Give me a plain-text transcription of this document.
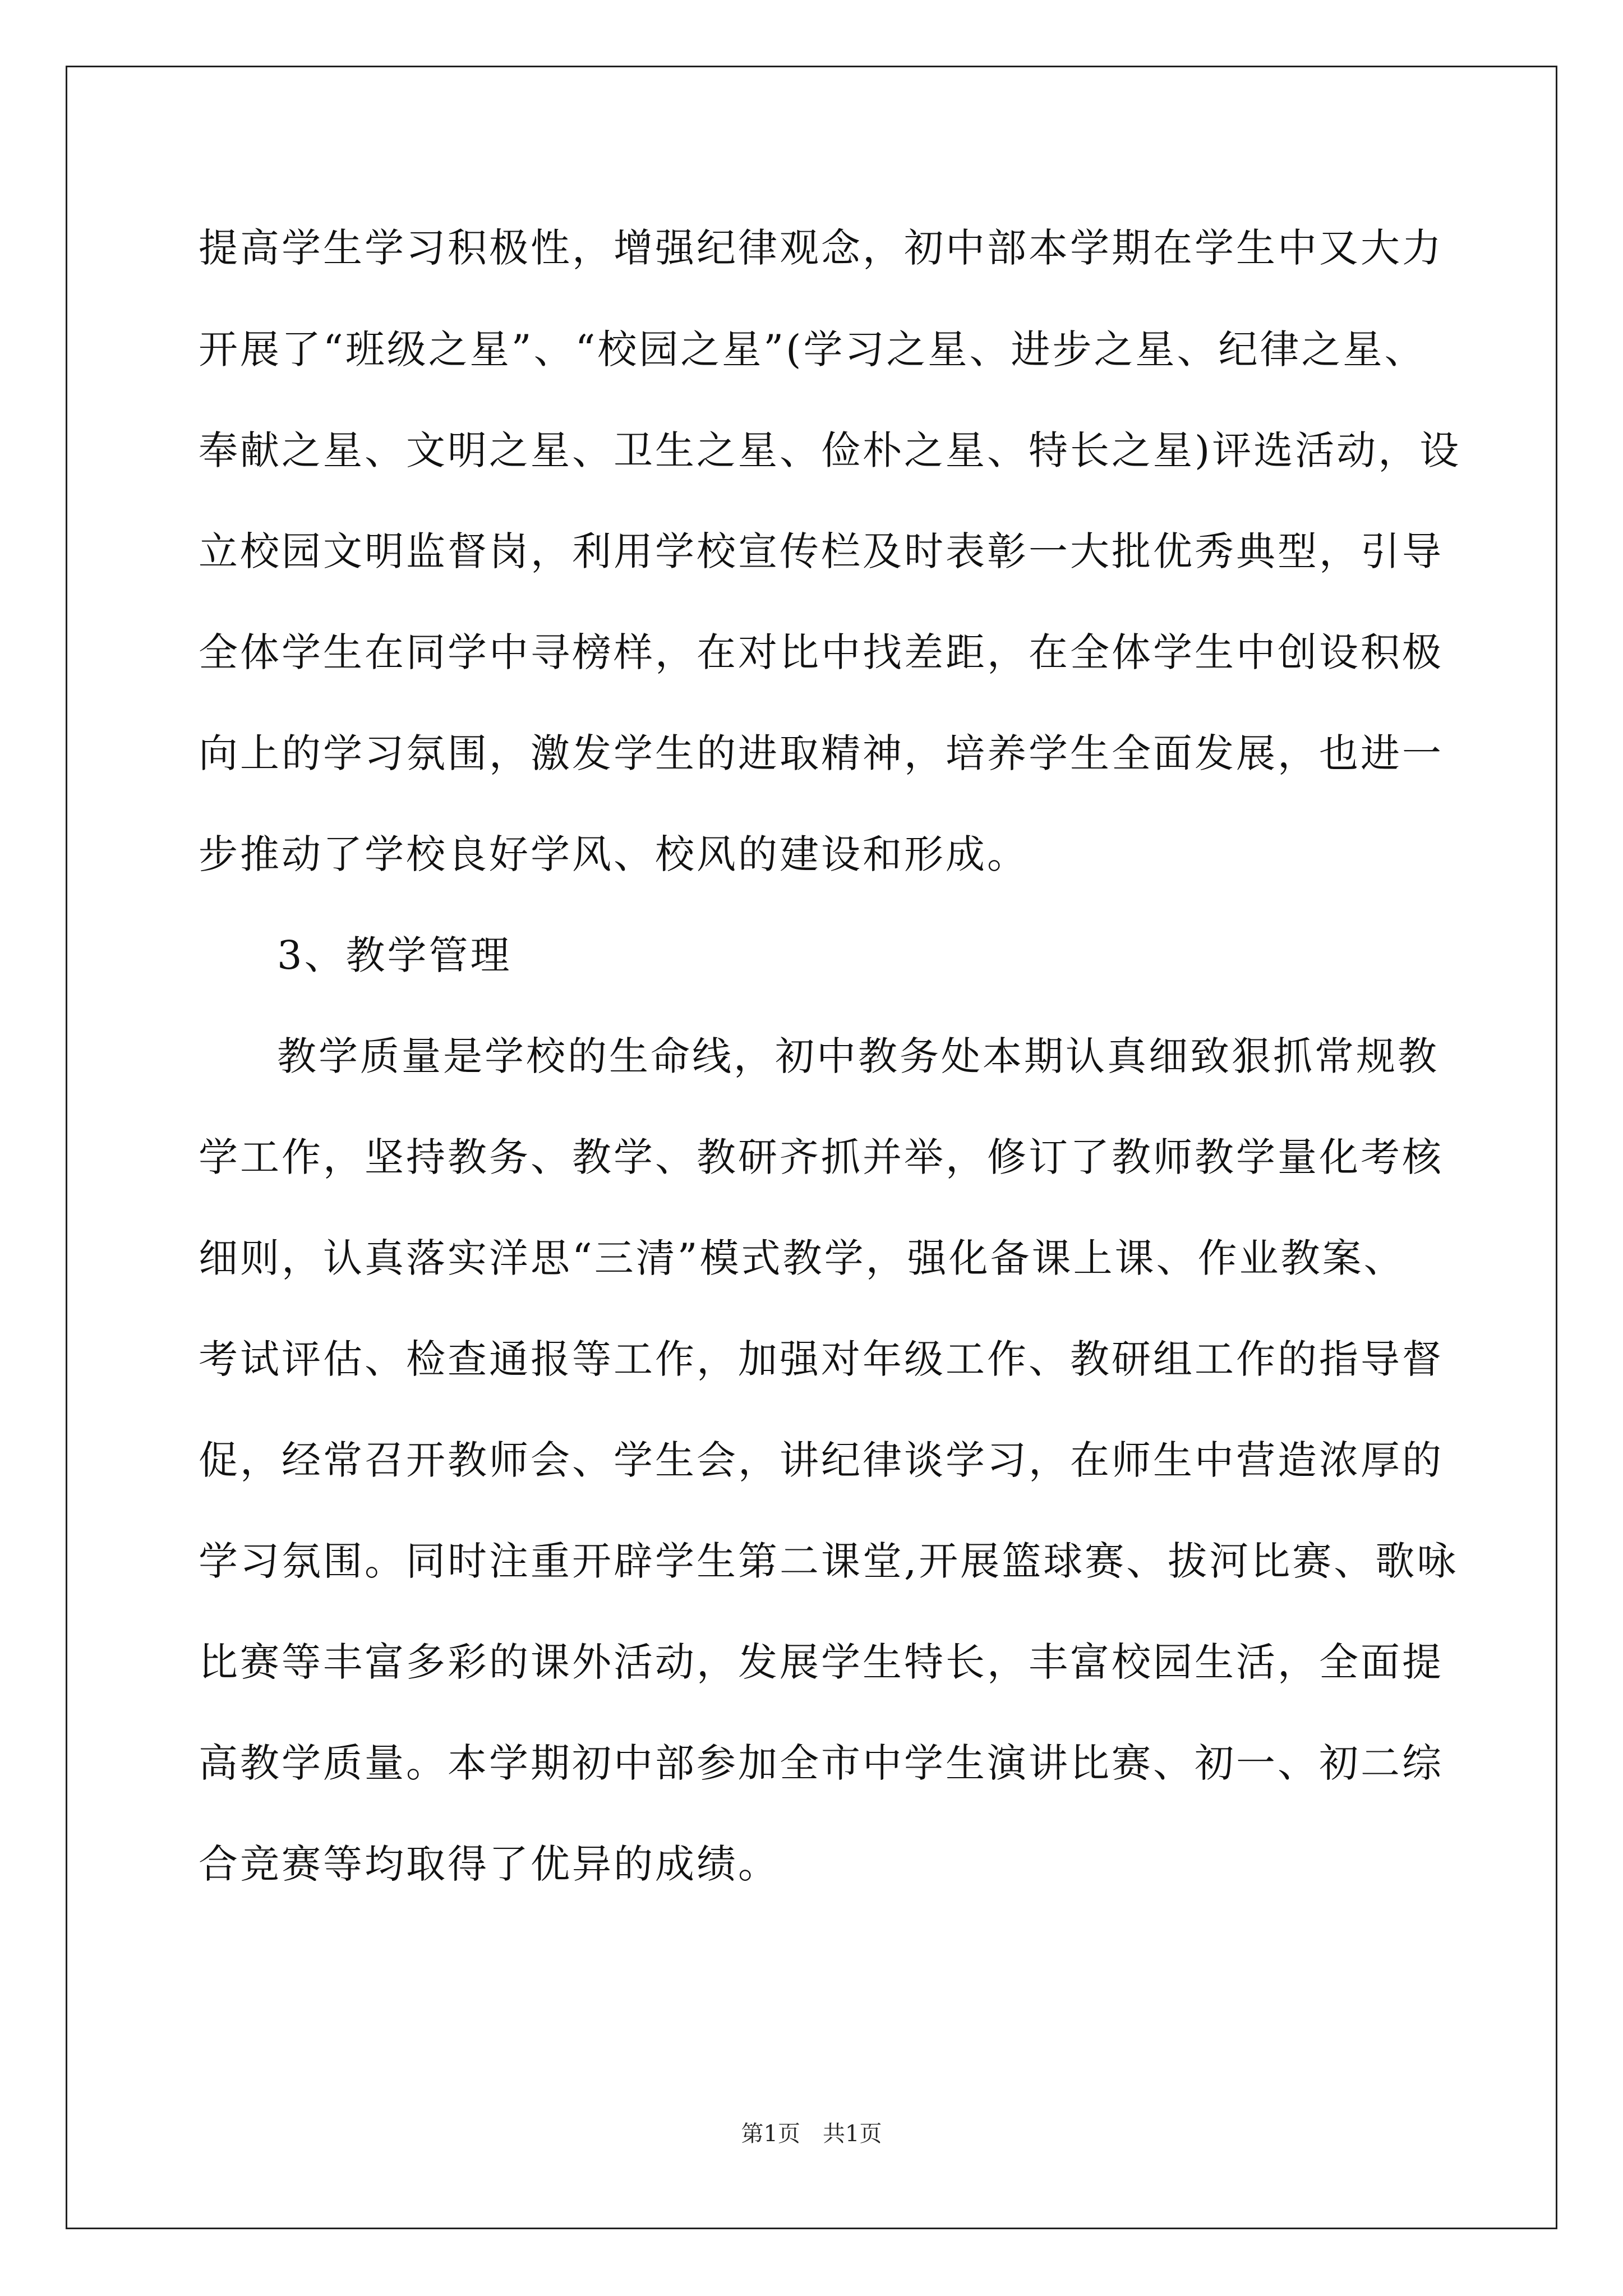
提高学生学习积极性，增强纪律观念，初中部本学期在学生中又大力
开展了“班级之星”、“校园之星”(学习之星、进步之星、纪律之星、
奉献之星、文明之星、卫生之星、俭朴之星、特长之星)评选活动，设
立校园文明监督岗，利用学校宣传栏及时表彰一大批优秀典型，引导
全体学生在同学中寻榜样，在对比中找差距，在全体学生中创设积极
向上的学习氛围，激发学生的进取精神，培养学生全面发展，也进一
步推动了学校良好学风、校风的建设和形成。
3、教学管理
教学质量是学校的生命线，初中教务处本期认真细致狠抓常规教
学工作，坚持教务、教学、教研齐抓并举，修订了教师教学量化考核
细则，认真落实洋思“三清”模式教学，强化备课上课、作业教案、
考试评估、检查通报等工作，加强对年级工作、教研组工作的指导督
促，经常召开教师会、学生会，讲纪律谈学习，在师生中营造浓厚的
学习氛围。同时注重开辟学生第二课堂,开展篮球赛、拔河比赛、歌咏
比赛等丰富多彩的课外活动，发展学生特长，丰富校园生活，全面提
高教学质量。本学期初中部参加全市中学生演讲比赛、初一、初二综
合竞赛等均取得了优异的成绩。
第1页　共1页
